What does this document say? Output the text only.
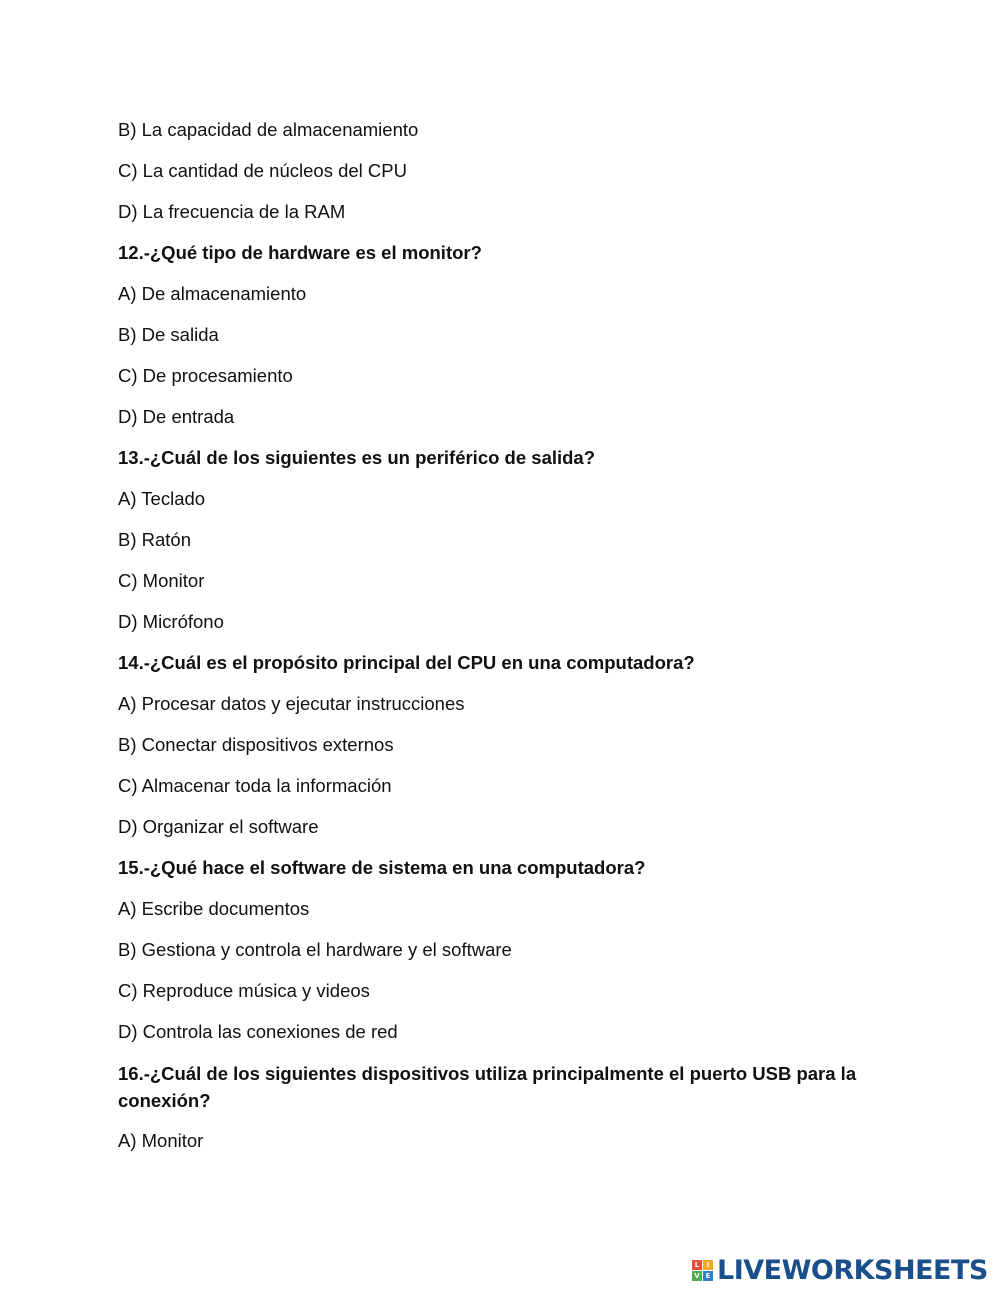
B) La capacidad de almacenamiento
C) La cantidad de núcleos del CPU
D) La frecuencia de la RAM
12.-¿Qué tipo de hardware es el monitor?
A) De almacenamiento
B) De salida
C) De procesamiento
D) De entrada
13.-¿Cuál de los siguientes es un periférico de salida?
A) Teclado
B) Ratón
C) Monitor
D) Micrófono
14.-¿Cuál es el propósito principal del CPU en una computadora?
A) Procesar datos y ejecutar instrucciones
B) Conectar dispositivos externos
C) Almacenar toda la información
D) Organizar el software
15.-¿Qué hace el software de sistema en una computadora?
A) Escribe documentos
B) Gestiona y controla el hardware y el software
C) Reproduce música y videos
D) Controla las conexiones de red
16.-¿Cuál de los siguientes dispositivos utiliza principalmente el puerto USB para la conexión?
A) Monitor
L	I
V E LIVEWORKSHEETS
